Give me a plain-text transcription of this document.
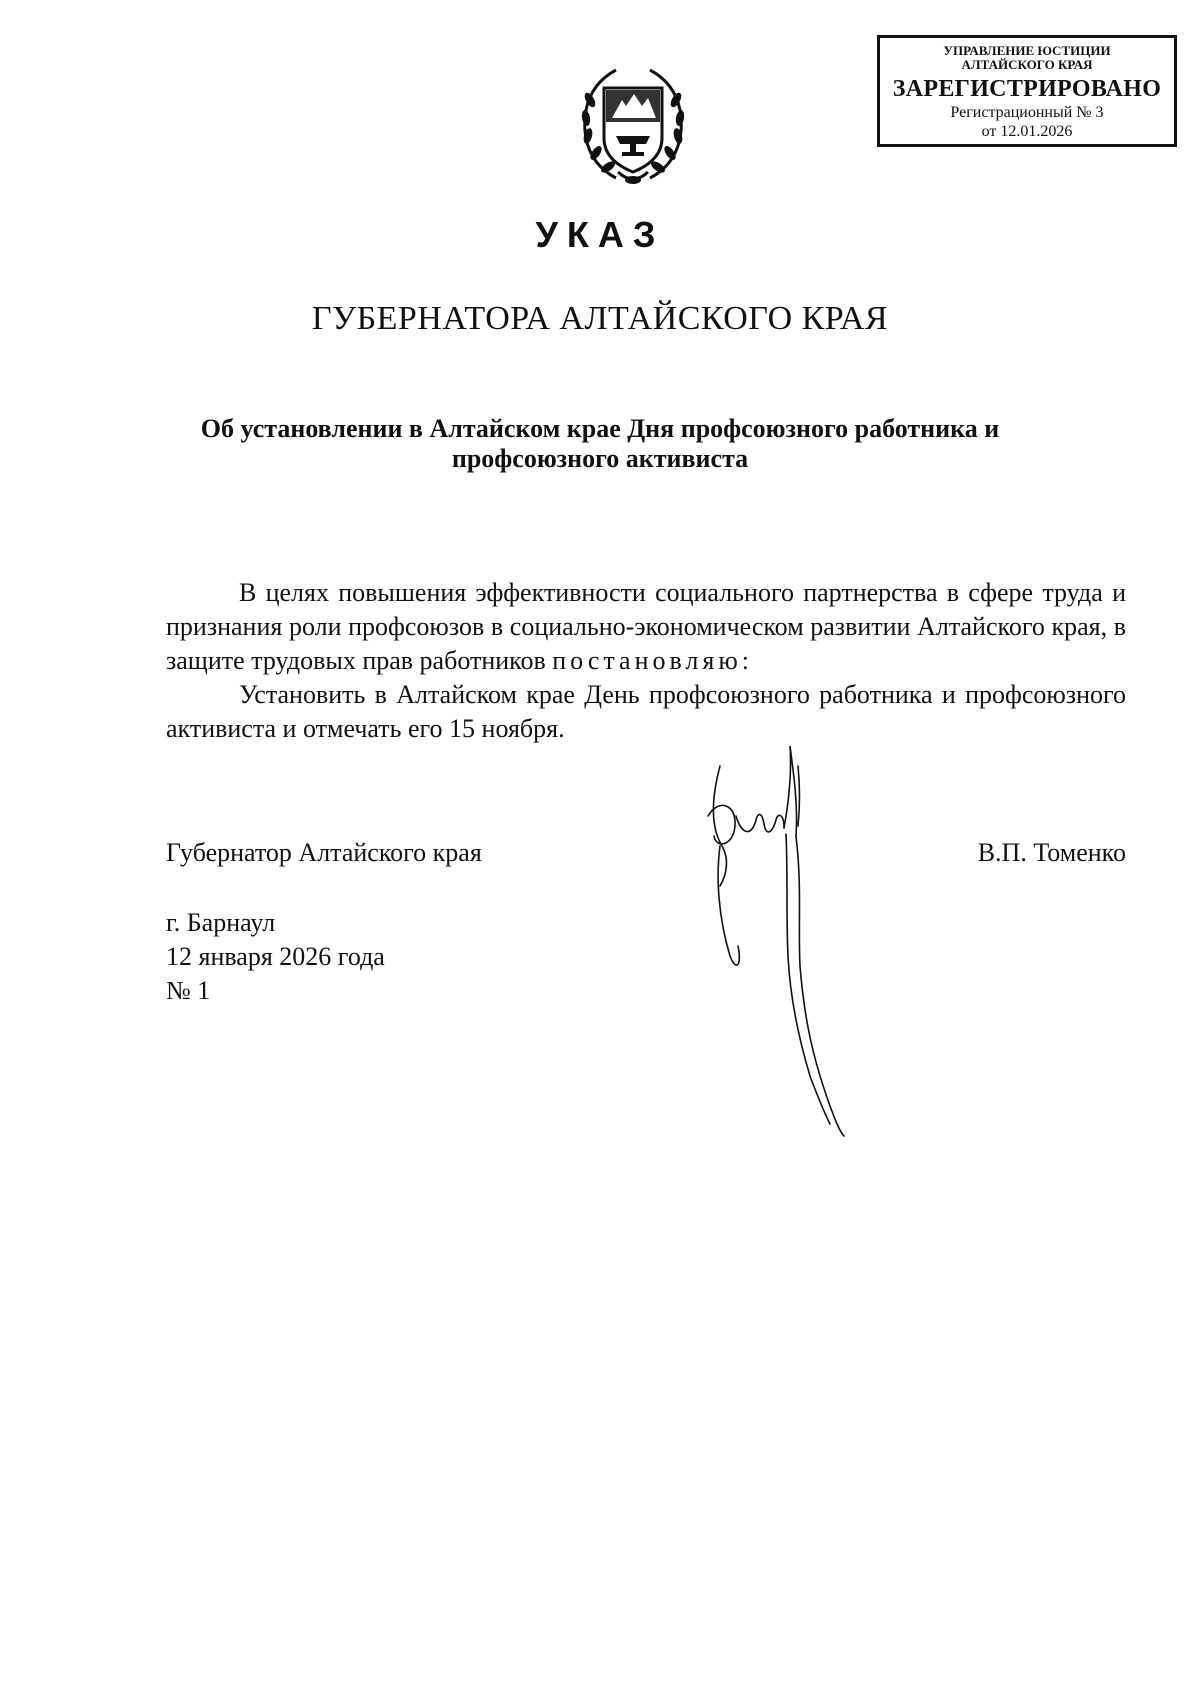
УПРАВЛЕНИЕ ЮСТИЦИИ
АЛТАЙСКОГО КРАЯ
ЗАРЕГИСТРИРОВАНО
Регистрационный № 3
от 12.01.2026
УКАЗ
ГУБЕРНАТОРА АЛТАЙСКОГО КРАЯ
Об установлении в Алтайском крае Дня профсоюзного работника и профсоюзного активиста

В целях повышения эффективности социального партнерства в сфере труда и признания роли профсоюзов в социально-экономическом развитии Алтайского края, в защите трудовых прав работников постановляю:

Установить в Алтайском крае День профсоюзного работника и профсоюзного активиста и отмечать его 15 ноября.

Губернатор Алтайского края	В.П. Томенко
г. Барнаул
12 января 2026 года
№ 1
